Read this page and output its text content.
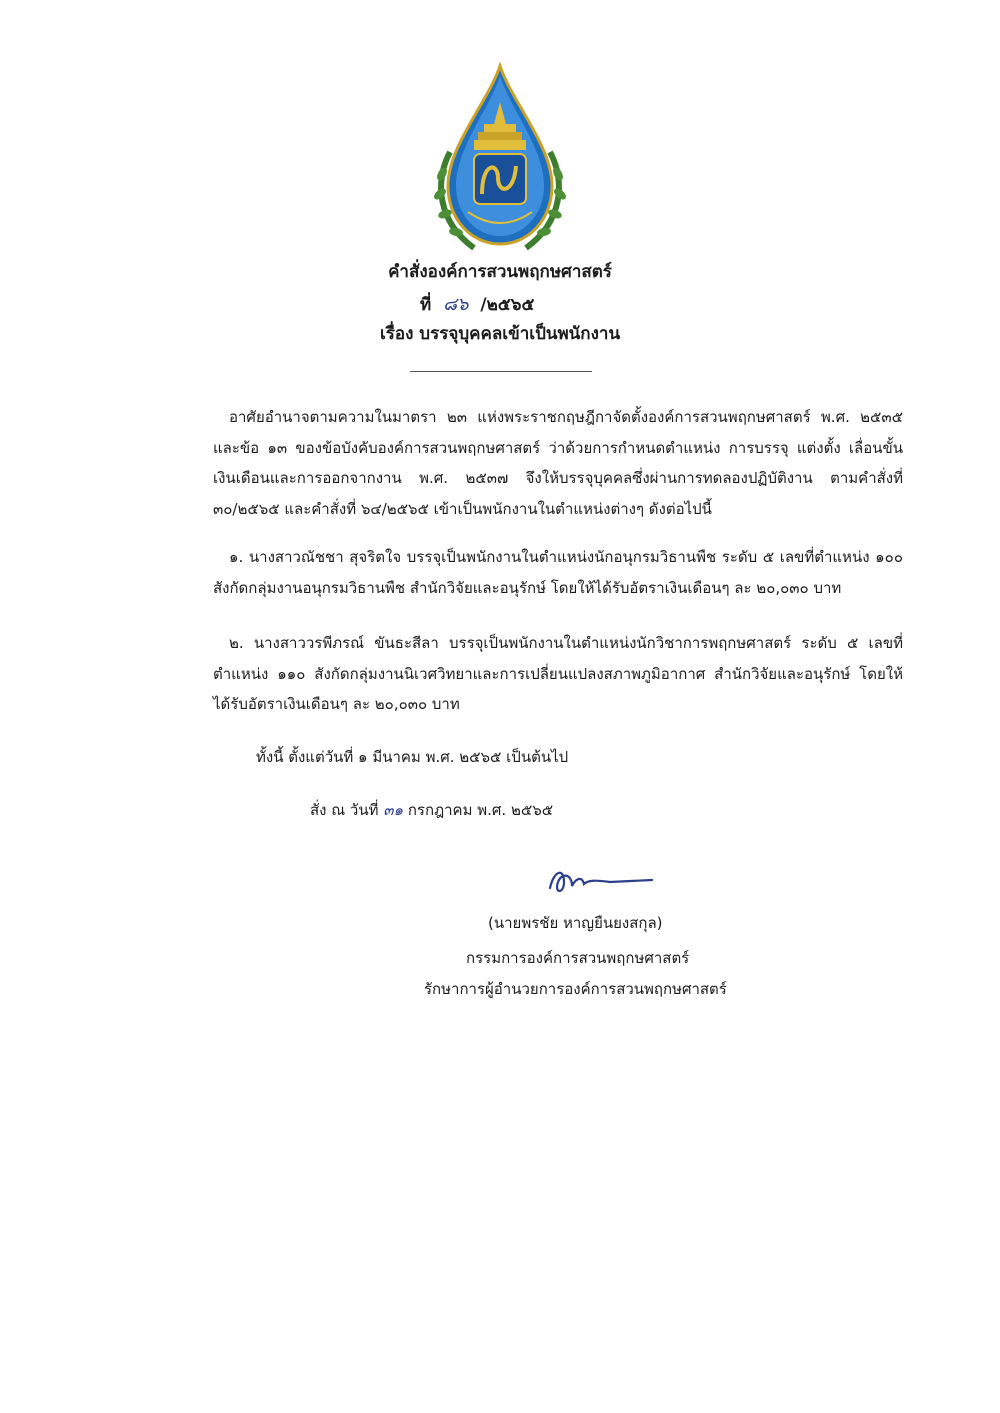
คำสั่งองค์การสวนพฤกษศาสตร์
ที่ ๘๖ /๒๕๖๕
เรื่อง บรรจุบุคคลเข้าเป็นพนักงาน
อาศัยอำนาจตามความในมาตรา ๒๓ แห่งพระราชกฤษฎีกาจัดตั้งองค์การสวนพฤกษศาสตร์ พ.ศ. ๒๕๓๕ และข้อ ๑๓ ของข้อบังคับองค์การสวนพฤกษศาสตร์ ว่าด้วยการกำหนดตำแหน่ง การบรรจุ แต่งตั้ง เลื่อนขั้นเงินเดือนและการออกจากงาน พ.ศ. ๒๕๓๗ จึงให้บรรจุบุคคลซึ่งผ่านการทดลองปฏิบัติงาน ตามคำสั่งที่ ๓๐/๒๕๖๕ และคำสั่งที่ ๖๔/๒๕๖๕ เข้าเป็นพนักงานในตำแหน่งต่างๆ ดังต่อไปนี้
๑. นางสาวณัชชา สุจริตใจ บรรจุเป็นพนักงานในตำแหน่งนักอนุกรมวิธานพืช ระดับ ๕ เลขที่ตำแหน่ง ๑๐๐ สังกัดกลุ่มงานอนุกรมวิธานพืช สำนักวิจัยและอนุรักษ์ โดยให้ได้รับอัตราเงินเดือนๆ ละ ๒๐,๐๓๐ บาท
๒. นางสาววรพีภรณ์ ขันธะสีลา บรรจุเป็นพนักงานในตำแหน่งนักวิชาการพฤกษศาสตร์ ระดับ ๕ เลขที่ตำแหน่ง ๑๑๐ สังกัดกลุ่มงานนิเวศวิทยาและการเปลี่ยนแปลงสภาพภูมิอากาศ สำนักวิจัยและอนุรักษ์ โดยให้ได้รับอัตราเงินเดือนๆ ละ ๒๐,๐๓๐ บาท
ทั้งนี้ ตั้งแต่วันที่ ๑ มีนาคม พ.ศ. ๒๕๖๕ เป็นต้นไป
สั่ง ณ วันที่ ๓๑ กรกฎาคม พ.ศ. ๒๕๖๕
(นายพรชัย หาญยืนยงสกุล)
กรรมการองค์การสวนพฤกษศาสตร์
รักษาการผู้อำนวยการองค์การสวนพฤกษศาสตร์
